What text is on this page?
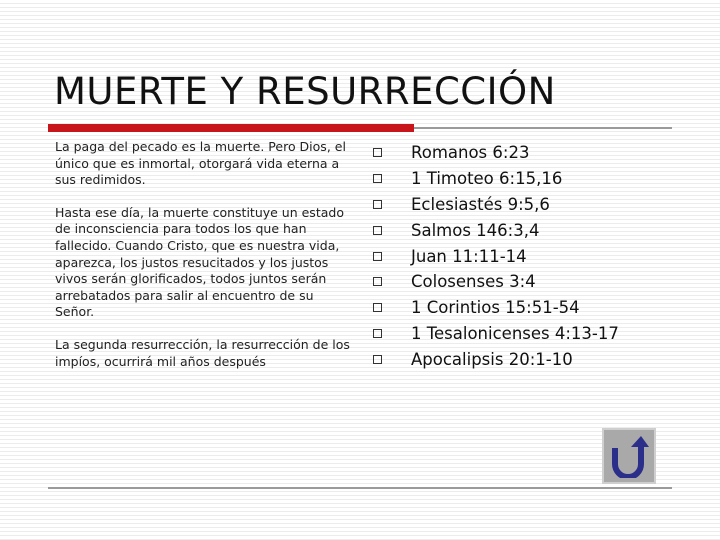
MUERTE Y RESURRECCIÓN

La paga del pecado es la muerte. Pero Dios, el único que es inmortal, otorgará vida eterna a sus redimidos.

Hasta ese día, la muerte constituye un estado de inconsciencia para todos los que han fallecido. Cuando Cristo, que es nuestra vida, aparezca, los justos resucitados y los justos vivos serán glorificados, todos juntos serán arrebatados para salir al encuentro de su Señor.

La segunda resurrección, la resurrección de los impíos, ocurrirá mil años después

Romanos 6:23
1 Timoteo 6:15,16
Eclesiastés 9:5,6
Salmos 146:3,4
Juan 11:11-14
Colosenses 3:4
1 Corintios 15:51-54
1 Tesalonicenses 4:13-17
Apocalipsis 20:1-10
